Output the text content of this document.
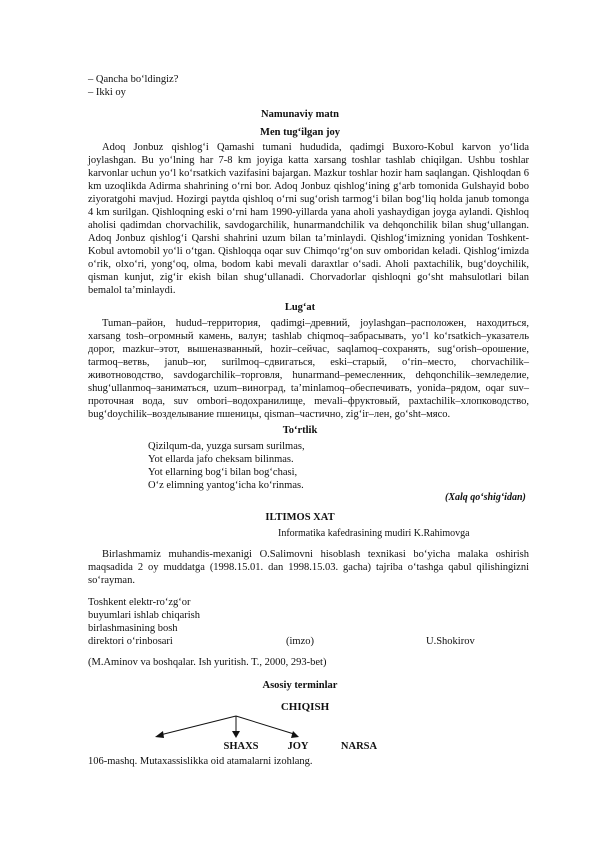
– Qancha bo‘ldingiz?
– Ikki oy
Namunaviy matn
Men tug‘ilgan joy

Adoq Jonbuz qishlog‘i Qamashi tumani hududida, qadimgi Buxoro-Kobul karvon yo‘lida joylashgan. Bu yo‘lning har 7-8 km joyiga katta xarsang toshlar tashlab chiqilgan. Ushbu toshlar karvonlar uchun yo‘l ko‘rsatkich vazifasini bajargan. Mazkur toshlar hozir ham saqlangan. Qishloqdan 6 km uzoqlikda Adirma shahrining o‘rni bor. Adoq Jonbuz qishlog‘ining g‘arb tomonida Gulshayid bobo ziyoratgohi mavjud. Hozirgi paytda qishloq o‘rni sug‘orish tarmog‘i bilan bog‘liq holda janub tomonga 4 km surilgan. Qishloqning eski o‘rni ham 1990-yillarda yana aholi yashaydigan joyga aylandi. Qishloq aholisi qadimdan chorvachilik, savdogarchilik, hunarmandchilik va dehqonchilik bilan shug‘ullangan. Adoq Jonbuz qishlog‘i Qarshi shahrini uzum bilan ta’minlaydi. Qishlog‘imizning yonidan Toshkent-Kobul avtomobil yo‘li o‘tgan. Qishloqqa oqar suv Chimqo‘rg‘on suv omboridan keladi. Qishlog‘imizda o‘rik, olxo‘ri, yong‘oq, olma, bodom kabi mevali daraxtlar o‘sadi. Aholi paxtachilik, bug‘doychilik, qisman kunjut, zig‘ir ekish bilan shug‘ullanadi. Chorvadorlar qishloqni go‘sht mahsulotlari bilan bemalol ta’minlaydi.

Lug‘at

Tuman–район, hudud–территория, qadimgi–древний, joylashgan–расположен, находиться, xarsang tosh–огромный камень, валун; tashlab chiqmoq–забрасывать, yo‘l ko‘rsatkich–указатель дорог, mazkur–этот, вышеназванный, hozir–сейчас, saqlamoq–сохранять, sug‘orish–орошение, tarmoq–ветвь, janub–юг, surilmoq–сдвигаться, eski–старый, o‘rin–место, chorvachilik–животноводство, savdogarchilik–торговля, hunarmand–ремесленник, dehqonchilik–земледелие, shug‘ullanmoq–заниматься, uzum–виноград, ta’minlamoq–обеспечивать, yonida–рядом, oqar suv–проточная вода, suv ombori–водохранилище, mevali–фруктовый, paxtachilik–хлопководство, bug‘doychilik–возделывание пшеницы, qisman–частично, zig‘ir–лен, go‘sht–мясо.

To‘rtlik
Qizilqum-da, yuzga sursam surilmas,
Yot ellarda jafo cheksam bilinmas.
Yot ellarning bog‘i bilan bog‘chasi,
O‘z elimning yantog‘icha ko‘rinmas.
(Xalq qo‘shig‘idan)
ILTIMOS XAT
Informatika kafedrasining mudiri K.Rahimovga

Birlashmamiz muhandis-mexanigi O.Salimovni hisoblash texnikasi bo‘yicha malaka oshirish maqsadida 2 oy muddatga (1998.15.01. dan 1998.15.03. gacha) tajriba o‘tashga qabul qilishingizni so‘rayman.

Toshkent elektr-ro‘zg‘or
buyumlari ishlab chiqarish
birlashmasining bosh
direktori o‘rinbosari	(imzo)	U.Shokirov
(M.Aminov va boshqalar. Ish yuritish. T., 2000, 293-bet)
Asosiy terminlar
CHIQISH
SHAXS	JOY	NARSA
106-mashq. Mutaxassislikka oid atamalarni izohlang.
